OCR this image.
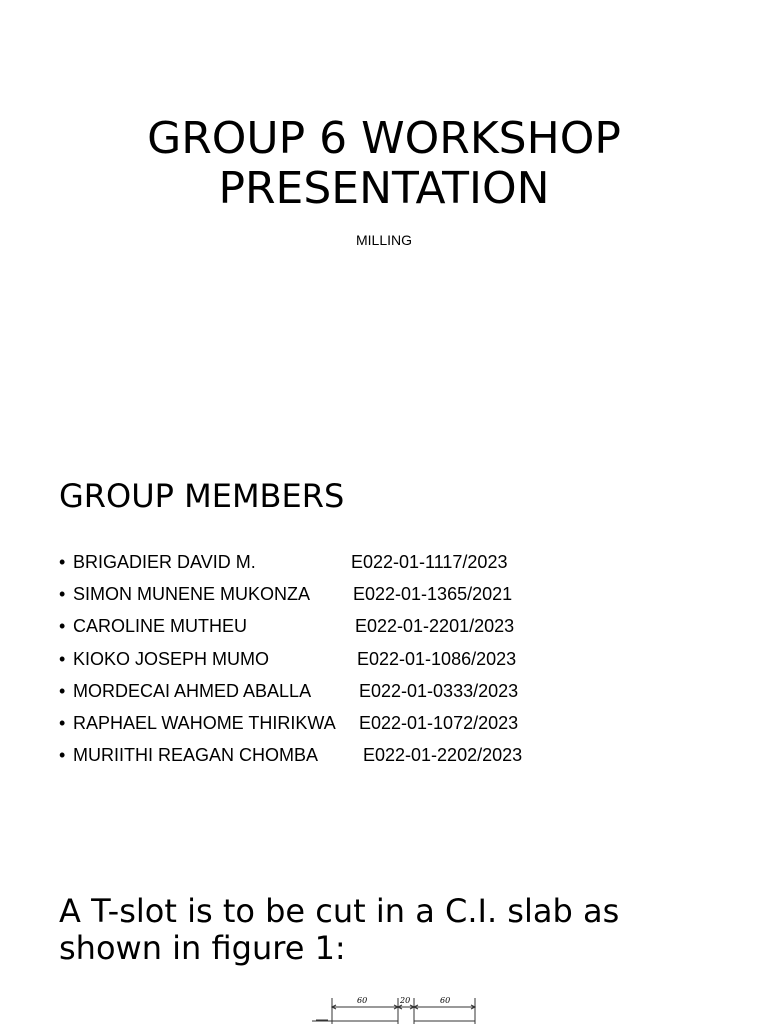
GROUP 6 WORKSHOP
PRESENTATION
MILLING
GROUP MEMBERS
• BRIGADIER DAVID M.	E022-01-1117/2023
• SIMON MUNENE MUKONZA	E022-01-1365/2021
• CAROLINE MUTHEU	E022-01-2201/2023
• KIOKO JOSEPH MUMO	E022-01-1086/2023
• MORDECAI AHMED ABALLA	E022-01-0333/2023
• RAPHAEL WAHOME THIRIKWA	E022-01-1072/2023
• MURIITHI REAGAN CHOMBA	E022-01-2202/2023
A T-slot is to be cut in a C.I. slab as
shown in figure 1:
60	20	60
